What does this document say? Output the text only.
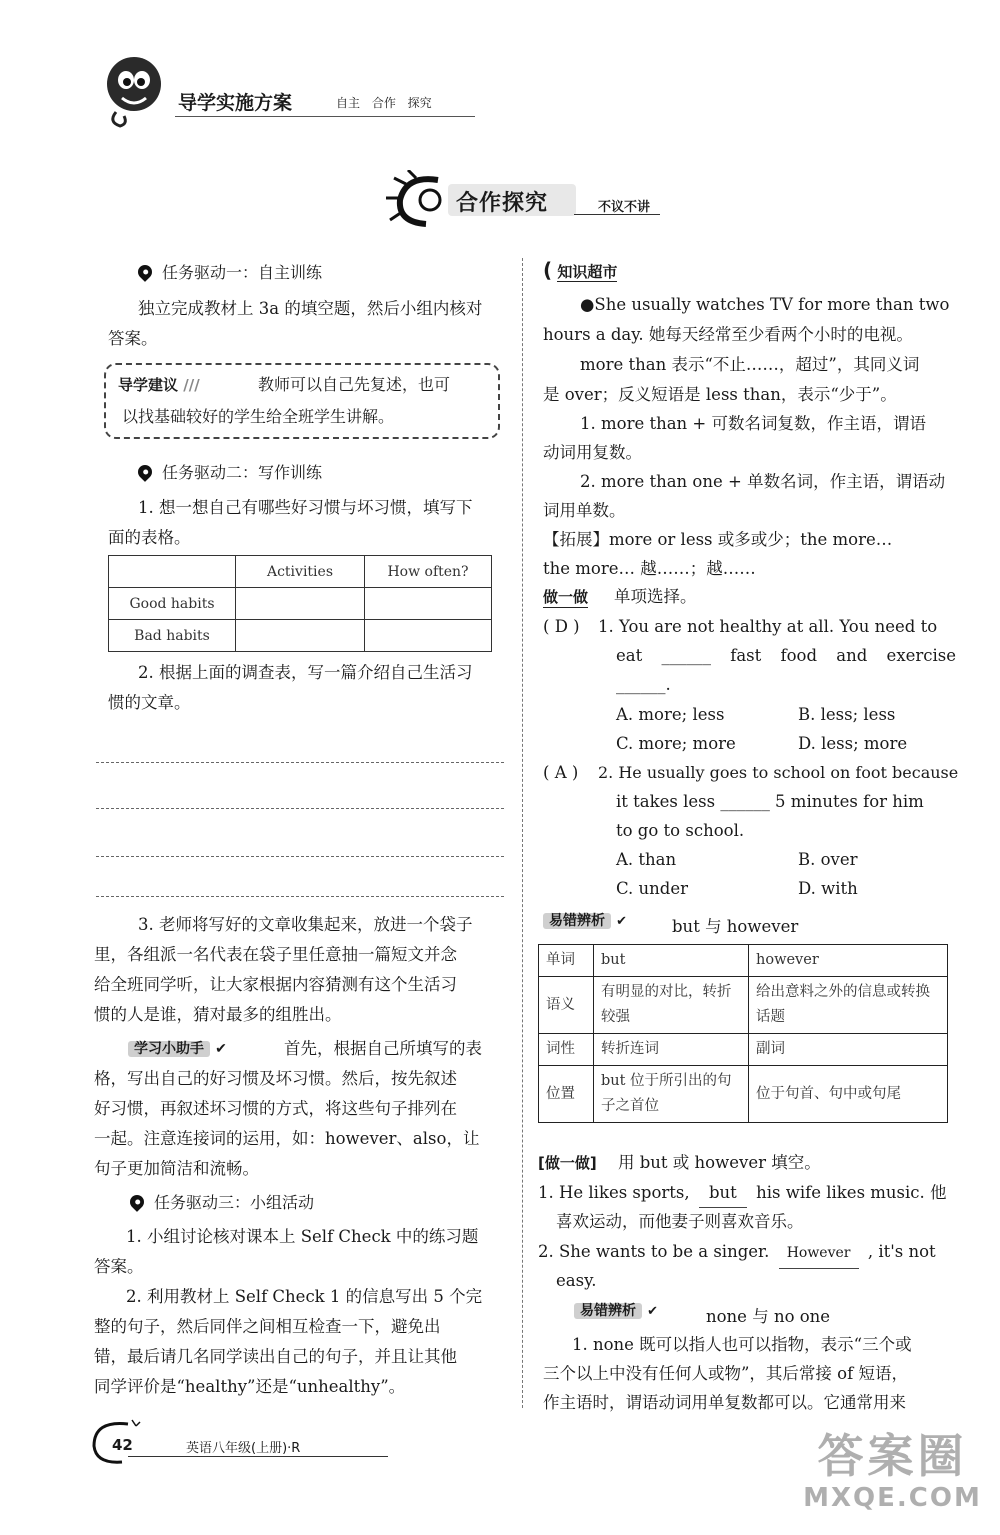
导学实施方案	自主 合作 探究
合作探究	不议不讲
任务驱动一：自主训练
独立完成教材上 3a 的填空题，然后小组内核对
答案。
导学建议 ///	教师可以自己先复述，也可
以找基础较好的学生给全班学生讲解。
任务驱动二：写作训练
1. 想一想自己有哪些好习惯与坏习惯，填写下
面的表格。
	Activities	How often?
Good habits		
Bad habits		
2. 根据上面的调查表，写一篇介绍自己生活习
惯的文章。
3. 老师将写好的文章收集起来，放进一个袋子
里，各组派一名代表在袋子里任意抽一篇短文并念
给全班同学听，让大家根据内容猜测有这个生活习
惯的人是谁，猜对最多的组胜出。
学习小助手 ✔	首先，根据自己所填写的表
格，写出自己的好习惯及坏习惯。然后，按先叙述
好习惯，再叙述坏习惯的方式，将这些句子排列在
一起。注意连接词的运用，如：however、also，让
句子更加简洁和流畅。
任务驱动三：小组活动
1. 小组讨论核对课本上 Self Check 中的练习题
答案。
2. 利用教材上 Self Check 1 的信息写出 5 个完
整的句子，然后同伴之间相互检查一下，避免出
错，最后请几名同学读出自己的句子，并且让其他
同学评价是“healthy”还是“unhealthy”。
( 知识超市
●She usually watches TV for more than two
hours a day. 她每天经常至少看两个小时的电视。
more than 表示“不止……，超过”，其同义词
是 over；反义短语是 less than，表示“少于”。
1. more than + 可数名词复数，作主语，谓语
动词用复数。
2. more than one + 单数名词，作主语，谓语动
词用单数。
【拓展】more or less 或多或少；the more…
the more… 越……；越……
做一做 单项选择。
( D ) 1. You are not healthy at all. You need to
eat ______ fast food and exercise
______.
A. more; less	B. less; less
C. more; more	D. less; more
( A ) 2. He usually goes to school on foot because
it takes less ______ 5 minutes for him
to go to school.
A. than	B. over
C. under	D. with
易错辨析 ✔	but 与 however
单词	but	however
语义	有明显的对比，转折较强	给出意料之外的信息或转换话题
词性	转折连词	副词
位置	but 位于所引出的句子之首位	位于句首、句中或句尾
[做一做] 用 but 或 however 填空。
1. He likes sports, but his wife likes music. 他
喜欢运动，而他妻子则喜欢音乐。
2. She wants to be a singer. However , it's not
easy.
易错辨析 ✔	none 与 no one
1. none 既可以指人也可以指物，表示“三个或
三个以上中没有任何人或物”，其后常接 of 短语，
作主语时，谓语动词用单复数都可以。它通常用来
42	英语八年级(上册)·R	答案圈
MXQE.COM
